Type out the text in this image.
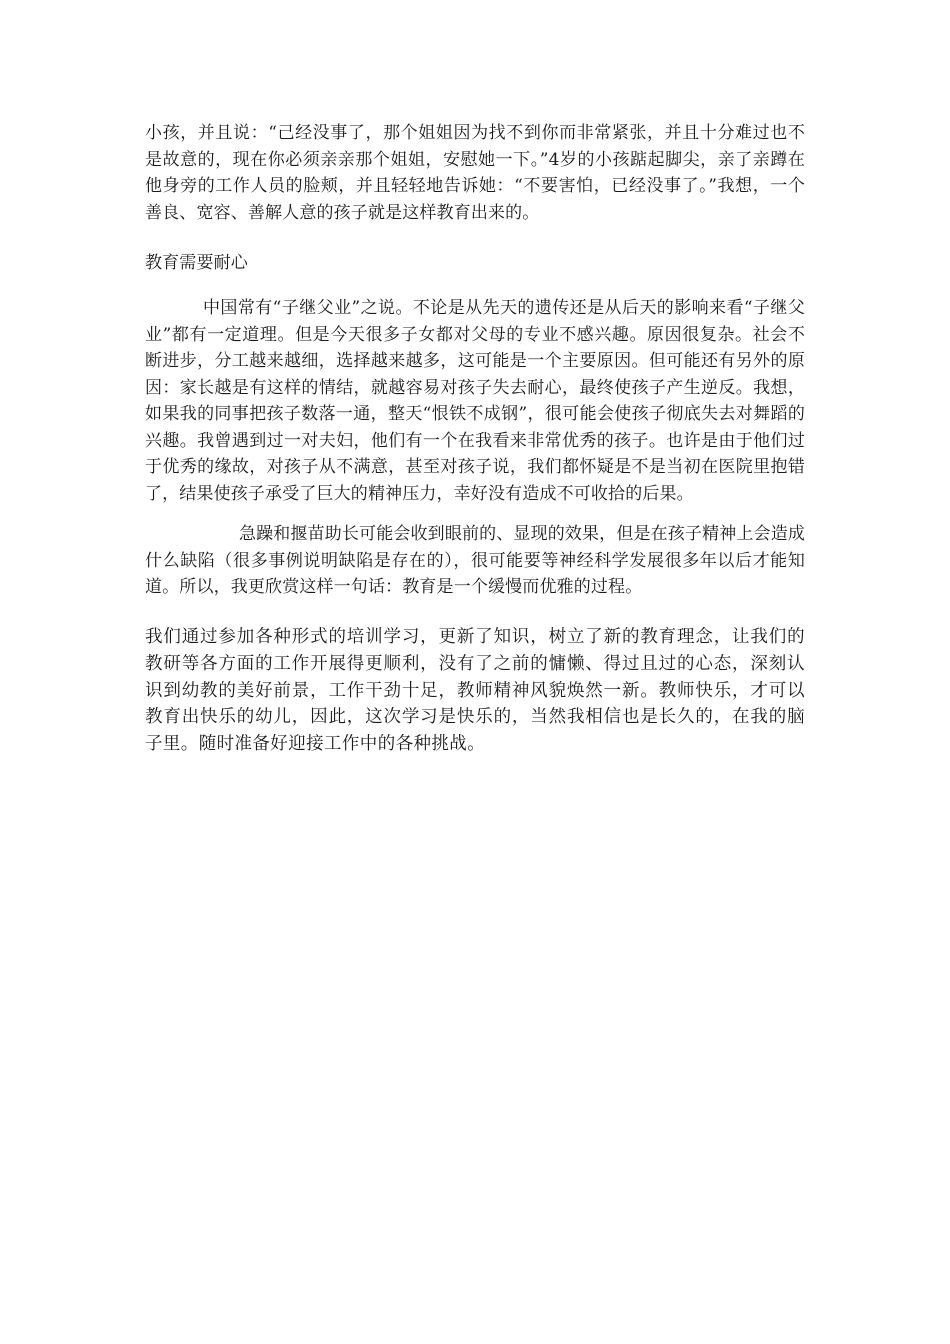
小孩，并且说：“己经没事了，那个姐姐因为找不到你而非常紧张，并且十分难过也不是故意的，现在你必须亲亲那个姐姐，安慰她一下。”4岁的小孩踮起脚尖，亲了亲蹲在他身旁的工作人员的脸颊，并且轻轻地告诉她：“不要害怕，已经没事了。”我想，一个善良、宽容、善解人意的孩子就是这样教育出来的。

教育需要耐心

中国常有“子继父业”之说。不论是从先天的遗传还是从后天的影响来看“子继父业”都有一定道理。但是今天很多子女都对父母的专业不感兴趣。原因很复杂。社会不断进步，分工越来越细，选择越来越多，这可能是一个主要原因。但可能还有另外的原因：家长越是有这样的情结，就越容易对孩子失去耐心，最终使孩子产生逆反。我想，如果我的同事把孩子数落一通，整天“恨铁不成钢”，很可能会使孩子彻底失去对舞蹈的兴趣。我曾遇到过一对夫妇，他们有一个在我看来非常优秀的孩子。也许是由于他们过于优秀的缘故，对孩子从不满意，甚至对孩子说，我们都怀疑是不是当初在医院里抱错了，结果使孩子承受了巨大的精神压力，幸好没有造成不可收拾的后果。

急躁和揠苗助长可能会收到眼前的、显现的效果，但是在孩子精神上会造成什么缺陷（很多事例说明缺陷是存在的），很可能要等神经科学发展很多年以后才能知道。所以，我更欣赏这样一句话：教育是一个缓慢而优雅的过程。

我们通过参加各种形式的培训学习，更新了知识，树立了新的教育理念，让我们的教研等各方面的工作开展得更顺利，没有了之前的慵懒、得过且过的心态，深刻认识到幼教的美好前景，工作干劲十足，教师精神风貌焕然一新。教师快乐，才可以教育出快乐的幼儿，因此，这次学习是快乐的，当然我相信也是长久的，在我的脑子里。随时准备好迎接工作中的各种挑战。
